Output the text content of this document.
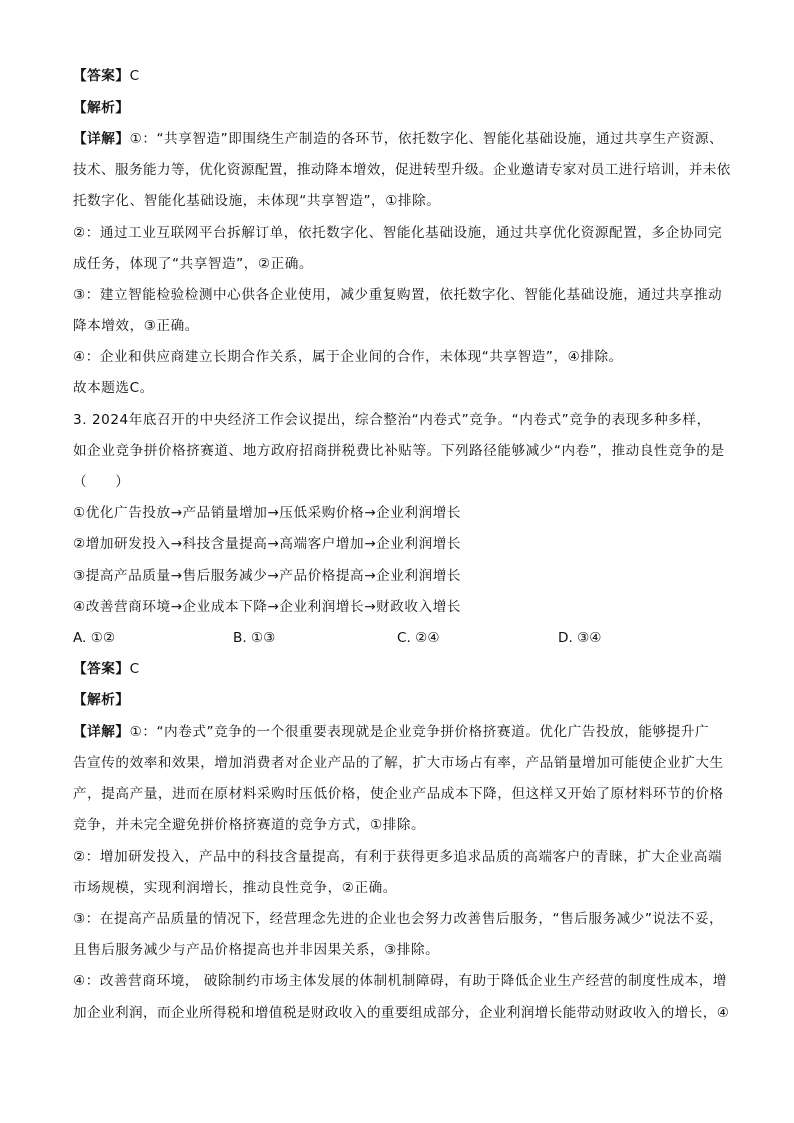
【答案】C
【解析】
【详解】①：“共享智造”即围绕生产制造的各环节，依托数字化、智能化基础设施，通过共享生产资源、
技术、服务能力等，优化资源配置，推动降本增效，促进转型升级。企业邀请专家对员工进行培训，并未依
托数字化、智能化基础设施，未体现“共享智造”，①排除。
②：通过工业互联网平台拆解订单，依托数字化、智能化基础设施，通过共享优化资源配置，多企协同完
成任务，体现了“共享智造”，②正确。
③：建立智能检验检测中心供各企业使用，减少重复购置，依托数字化、智能化基础设施，通过共享推动
降本增效，③正确。
④：企业和供应商建立长期合作关系，属于企业间的合作，未体现“共享智造”，④排除。
故本题选C。
3. 2024年底召开的中央经济工作会议提出，综合整治“内卷式”竞争。“内卷式”竞争的表现多种多样，
如企业竞争拼价格挤赛道、地方政府招商拼税费比补贴等。下列路径能够减少“内卷”，推动良性竞争的是
（　　）
①优化广告投放→产品销量增加→压低采购价格→企业利润增长
②增加研发投入→科技含量提高→高端客户增加→企业利润增长
③提高产品质量→售后服务减少→产品价格提高→企业利润增长
④改善营商环境→企业成本下降→企业利润增长→财政收入增长
A. ①②	B. ①③	C. ②④	D. ③④
【答案】C
【解析】
【详解】①：“内卷式”竞争的一个很重要表现就是企业竞争拼价格挤赛道。优化广告投放，能够提升广
告宣传的效率和效果，增加消费者对企业产品的了解，扩大市场占有率，产品销量增加可能使企业扩大生
产，提高产量，进而在原材料采购时压低价格，使企业产品成本下降，但这样又开始了原材料环节的价格
竞争，并未完全避免拼价格挤赛道的竞争方式，①排除。
②：增加研发投入，产品中的科技含量提高，有利于获得更多追求品质的高端客户的青睐，扩大企业高端
市场规模，实现利润增长，推动良性竞争，②正确。
③：在提高产品质量的情况下，经营理念先进的企业也会努力改善售后服务，“售后服务减少”说法不妥，
且售后服务减少与产品价格提高也并非因果关系，③排除。
④：改善营商环境， 破除制约市场主体发展的体制机制障碍，有助于降低企业生产经营的制度性成本，增
加企业利润，而企业所得税和增值税是财政收入的重要组成部分，企业利润增长能带动财政收入的增长，④
